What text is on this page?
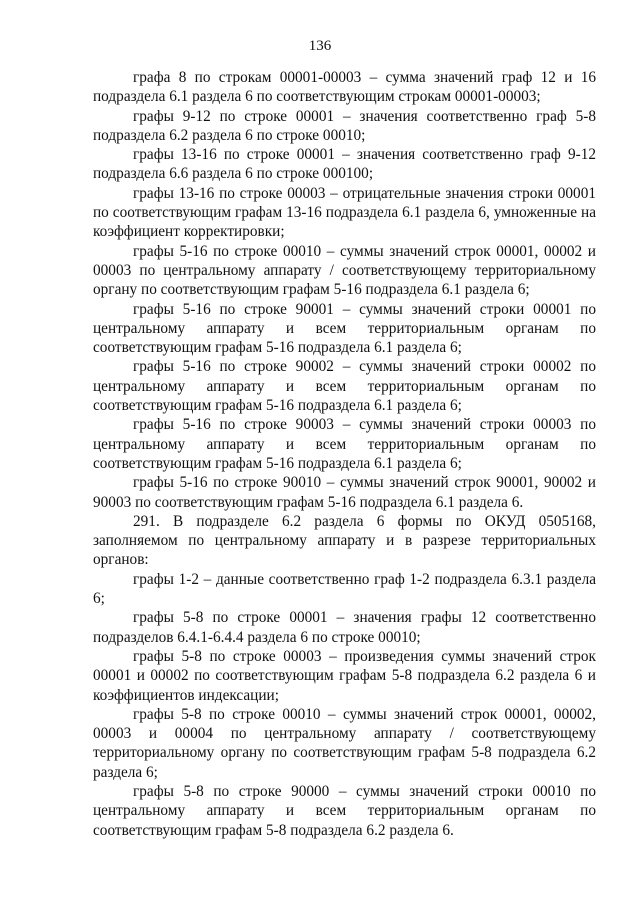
136

графа 8 по строкам 00001-00003 – сумма значений граф 12 и 16 подраздела 6.1 раздела 6 по соответствующим строкам 00001-00003;

графы 9-12 по строке 00001 – значения соответственно граф 5-8 подраздела 6.2 раздела 6 по строке 00010;

графы 13-16 по строке 00001 – значения соответственно граф 9-12 подраздела 6.6 раздела 6 по строке 000100;

графы 13-16 по строке 00003 – отрицательные значения строки 00001 по соответствующим графам 13-16 подраздела 6.1 раздела 6, умноженные на коэффициент корректировки;

графы 5-16 по строке 00010 – суммы значений строк 00001, 00002 и 00003 по центральному аппарату / соответствующему территориальному органу по соответствующим графам 5-16 подраздела 6.1 раздела 6;

графы 5-16 по строке 90001 – суммы значений строки 00001 по центральному аппарату и всем территориальным органам по соответствующим графам 5-16 подраздела 6.1 раздела 6;

графы 5-16 по строке 90002 – суммы значений строки 00002 по центральному аппарату и всем территориальным органам по соответствующим графам 5-16 подраздела 6.1 раздела 6;

графы 5-16 по строке 90003 – суммы значений строки 00003 по центральному аппарату и всем территориальным органам по соответствующим графам 5-16 подраздела 6.1 раздела 6;

графы 5-16 по строке 90010 – суммы значений строк 90001, 90002 и 90003 по соответствующим графам 5-16 подраздела 6.1 раздела 6.

291. В подразделе 6.2 раздела 6 формы по ОКУД 0505168, заполняемом по центральному аппарату и в разрезе территориальных органов:

графы 1-2 – данные соответственно граф 1-2 подраздела 6.3.1 раздела 6;

графы 5-8 по строке 00001 – значения графы 12 соответственно подразделов 6.4.1-6.4.4 раздела 6 по строке 00010;

графы 5-8 по строке 00003 – произведения суммы значений строк 00001 и 00002 по соответствующим графам 5-8 подраздела 6.2 раздела 6 и коэффициентов индексации;

графы 5-8 по строке 00010 – суммы значений строк 00001, 00002, 00003 и 00004 по центральному аппарату / соответствующему территориальному органу по соответствующим графам 5-8 подраздела 6.2 раздела 6;

графы 5-8 по строке 90000 – суммы значений строки 00010 по центральному аппарату и всем территориальным органам по соответствующим графам 5-8 подраздела 6.2 раздела 6.
